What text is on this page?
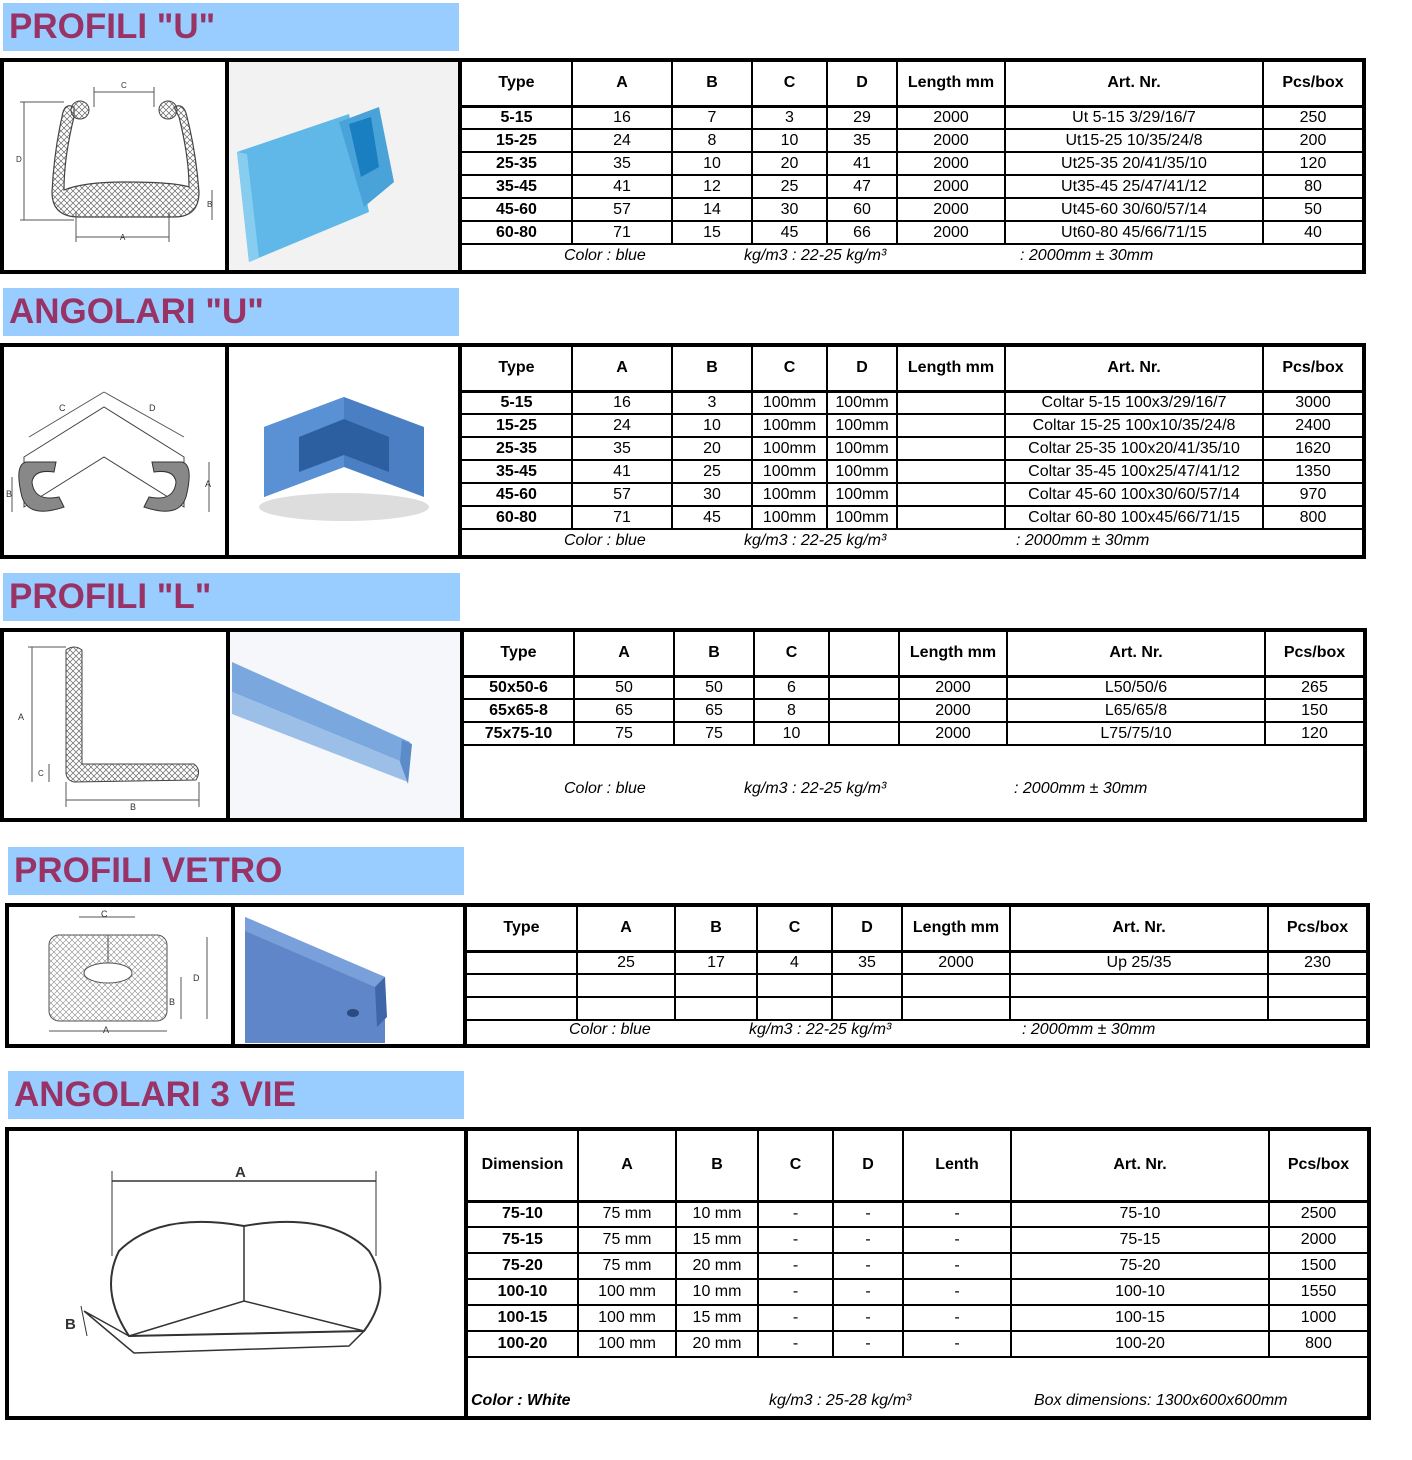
PROFILI "U"
C
D
B
A
Type	A	B	C	D	Length mm	Art. Nr.	Pcs/box
5-15	16	7	3	29	2000	Ut 5-15 3/29/16/7	250
15-25	24	8	10	35	2000	Ut15-25 10/35/24/8	200
25-35	35	10	20	41	2000	Ut25-35 20/41/35/10	120
35-45	41	12	25	47	2000	Ut35-45 25/47/41/12	80
45-60	57	14	30	60	2000	Ut45-60 30/60/57/14	50
60-80	71	15	45	66	2000	Ut60-80 45/66/71/15	40
Color : blue	kg/m3 : 22-25 kg/m³	: 2000mm ± 30mm
ANGOLARI "U"
C	D
B
A
Type	A	B	C	D	Length mm	Art. Nr.	Pcs/box
5-15	16	3	100mm	100mm		Coltar 5-15 100x3/29/16/7	3000
15-25	24	10	100mm	100mm		Coltar 15-25 100x10/35/24/8	2400
25-35	35	20	100mm	100mm		Coltar 25-35 100x20/41/35/10	1620
35-45	41	25	100mm	100mm		Coltar 35-45 100x25/47/41/12	1350
45-60	57	30	100mm	100mm		Coltar 45-60 100x30/60/57/14	970
60-80	71	45	100mm	100mm		Coltar 60-80 100x45/66/71/15	800
Color : blue	kg/m3 : 22-25 kg/m³	: 2000mm ± 30mm
PROFILI "L"
A
C
B
Type	A	B	C		Length mm	Art. Nr.	Pcs/box
50x50-6	50	50	6		2000	L50/50/6	265
65x65-8	65	65	8		2000	L65/65/8	150
75x75-10	75	75	10		2000	L75/75/10	120
Color : blue	kg/m3 : 22-25 kg/m³	: 2000mm ± 30mm
PROFILI VETRO
C
D
B
A
Type	A	B	C	D	Length mm	Art. Nr.	Pcs/box
	25	17	4	35	2000	Up 25/35	230

Color : blue	kg/m3 : 22-25 kg/m³	: 2000mm ± 30mm
ANGOLARI 3 VIE
A
B
Dimension	A	B	C	D	Lenth	Art. Nr.	Pcs/box
75-10	75 mm	10 mm	-	-	-	75-10	2500
75-15	75 mm	15 mm	-	-	-	75-15	2000
75-20	75 mm	20 mm	-	-	-	75-20	1500
100-10	100 mm	10 mm	-	-	-	100-10	1550
100-15	100 mm	15 mm	-	-	-	100-15	1000
100-20	100 mm	20 mm	-	-	-	100-20	800
Color : White	kg/m3 : 25-28 kg/m³	Box dimensions: 1300x600x600mm
